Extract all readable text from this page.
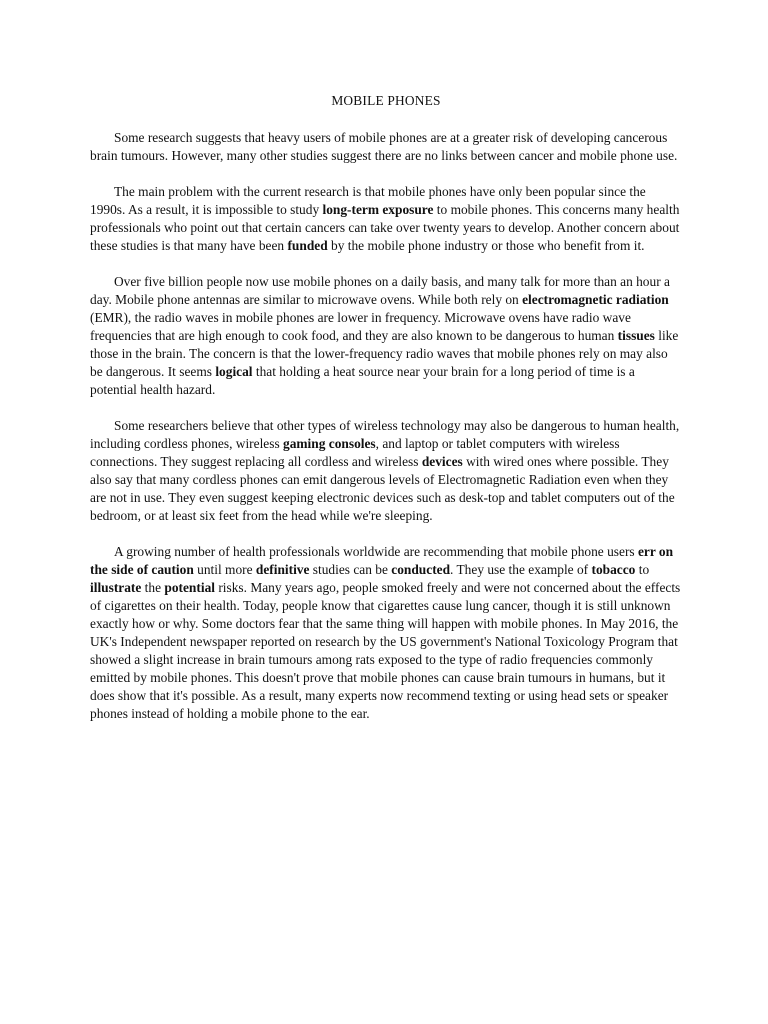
MOBILE PHONES

Some research suggests that heavy users of mobile phones are at a greater risk of developing cancerous brain tumours. However, many other studies suggest there are no links between cancer and mobile phone use.

The main problem with the current research is that mobile phones have only been popular since the 1990s. As a result, it is impossible to study long-term exposure to mobile phones. This concerns many health professionals who point out that certain cancers can take over twenty years to develop. Another concern about these studies is that many have been funded by the mobile phone industry or those who benefit from it.

Over five billion people now use mobile phones on a daily basis, and many talk for more than an hour a day. Mobile phone antennas are similar to microwave ovens. While both rely on electromagnetic radiation (EMR), the radio waves in mobile phones are lower in frequency. Microwave ovens have radio wave frequencies that are high enough to cook food, and they are also known to be dangerous to human tissues like those in the brain. The concern is that the lower-frequency radio waves that mobile phones rely on may also be dangerous. It seems logical that holding a heat source near your brain for a long period of time is a potential health hazard.

Some researchers believe that other types of wireless technology may also be dangerous to human health, including cordless phones, wireless gaming consoles, and laptop or tablet computers with wireless connections. They suggest replacing all cordless and wireless devices with wired ones where possible. They also say that many cordless phones can emit dangerous levels of Electromagnetic Radiation even when they are not in use. They even suggest keeping electronic devices such as desk-top and tablet computers out of the bedroom, or at least six feet from the head while we're sleeping.

A growing number of health professionals worldwide are recommending that mobile phone users err on the side of caution until more definitive studies can be conducted. They use the example of tobacco to illustrate the potential risks. Many years ago, people smoked freely and were not concerned about the effects of cigarettes on their health. Today, people know that cigarettes cause lung cancer, though it is still unknown exactly how or why. Some doctors fear that the same thing will happen with mobile phones. In May 2016, the UK's Independent newspaper reported on research by the US government's National Toxicology Program that showed a slight increase in brain tumours among rats exposed to the type of radio frequencies commonly emitted by mobile phones. This doesn't prove that mobile phones can cause brain tumours in humans, but it does show that it's possible. As a result, many experts now recommend texting or using head sets or speaker phones instead of holding a mobile phone to the ear.
